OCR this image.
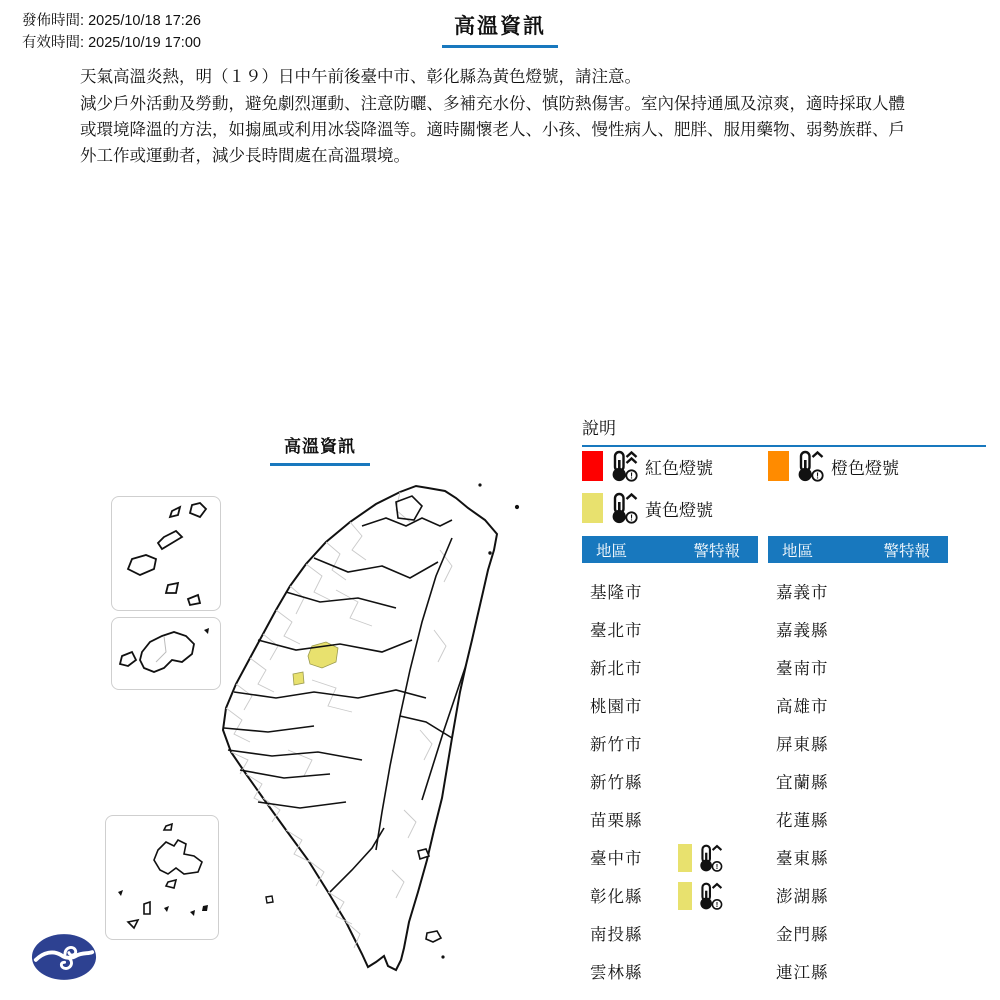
發佈時間: 2025/10/18 17:26
有效時間: 2025/10/19 17:00
高溫資訊

天氣高溫炎熱，明（１９）日中午前後臺中市、彰化縣為黃色燈號，請注意。

減少戶外活動及勞動，避免劇烈運動、注意防曬、多補充水份、慎防熱傷害。室內保持通風及涼爽，適時採取人體或環境降溫的方法，如搧風或利用冰袋降溫等。適時關懷老人、小孩、慢性病人、肥胖、服用藥物、弱勢族群、戶外工作或運動者，減少長時間處在高溫環境。

高溫資訊
說明
! 紅色燈號	! 橙色燈號
! 黃色燈號
地區	警特報
基隆市
臺北市
新北市
桃園市
新竹市
新竹縣
苗栗縣
臺中市	!
彰化縣	!
南投縣
雲林縣
地區	警特報
嘉義市
嘉義縣
臺南市
高雄市
屏東縣
宜蘭縣
花蓮縣
臺東縣
澎湖縣
金門縣
連江縣
